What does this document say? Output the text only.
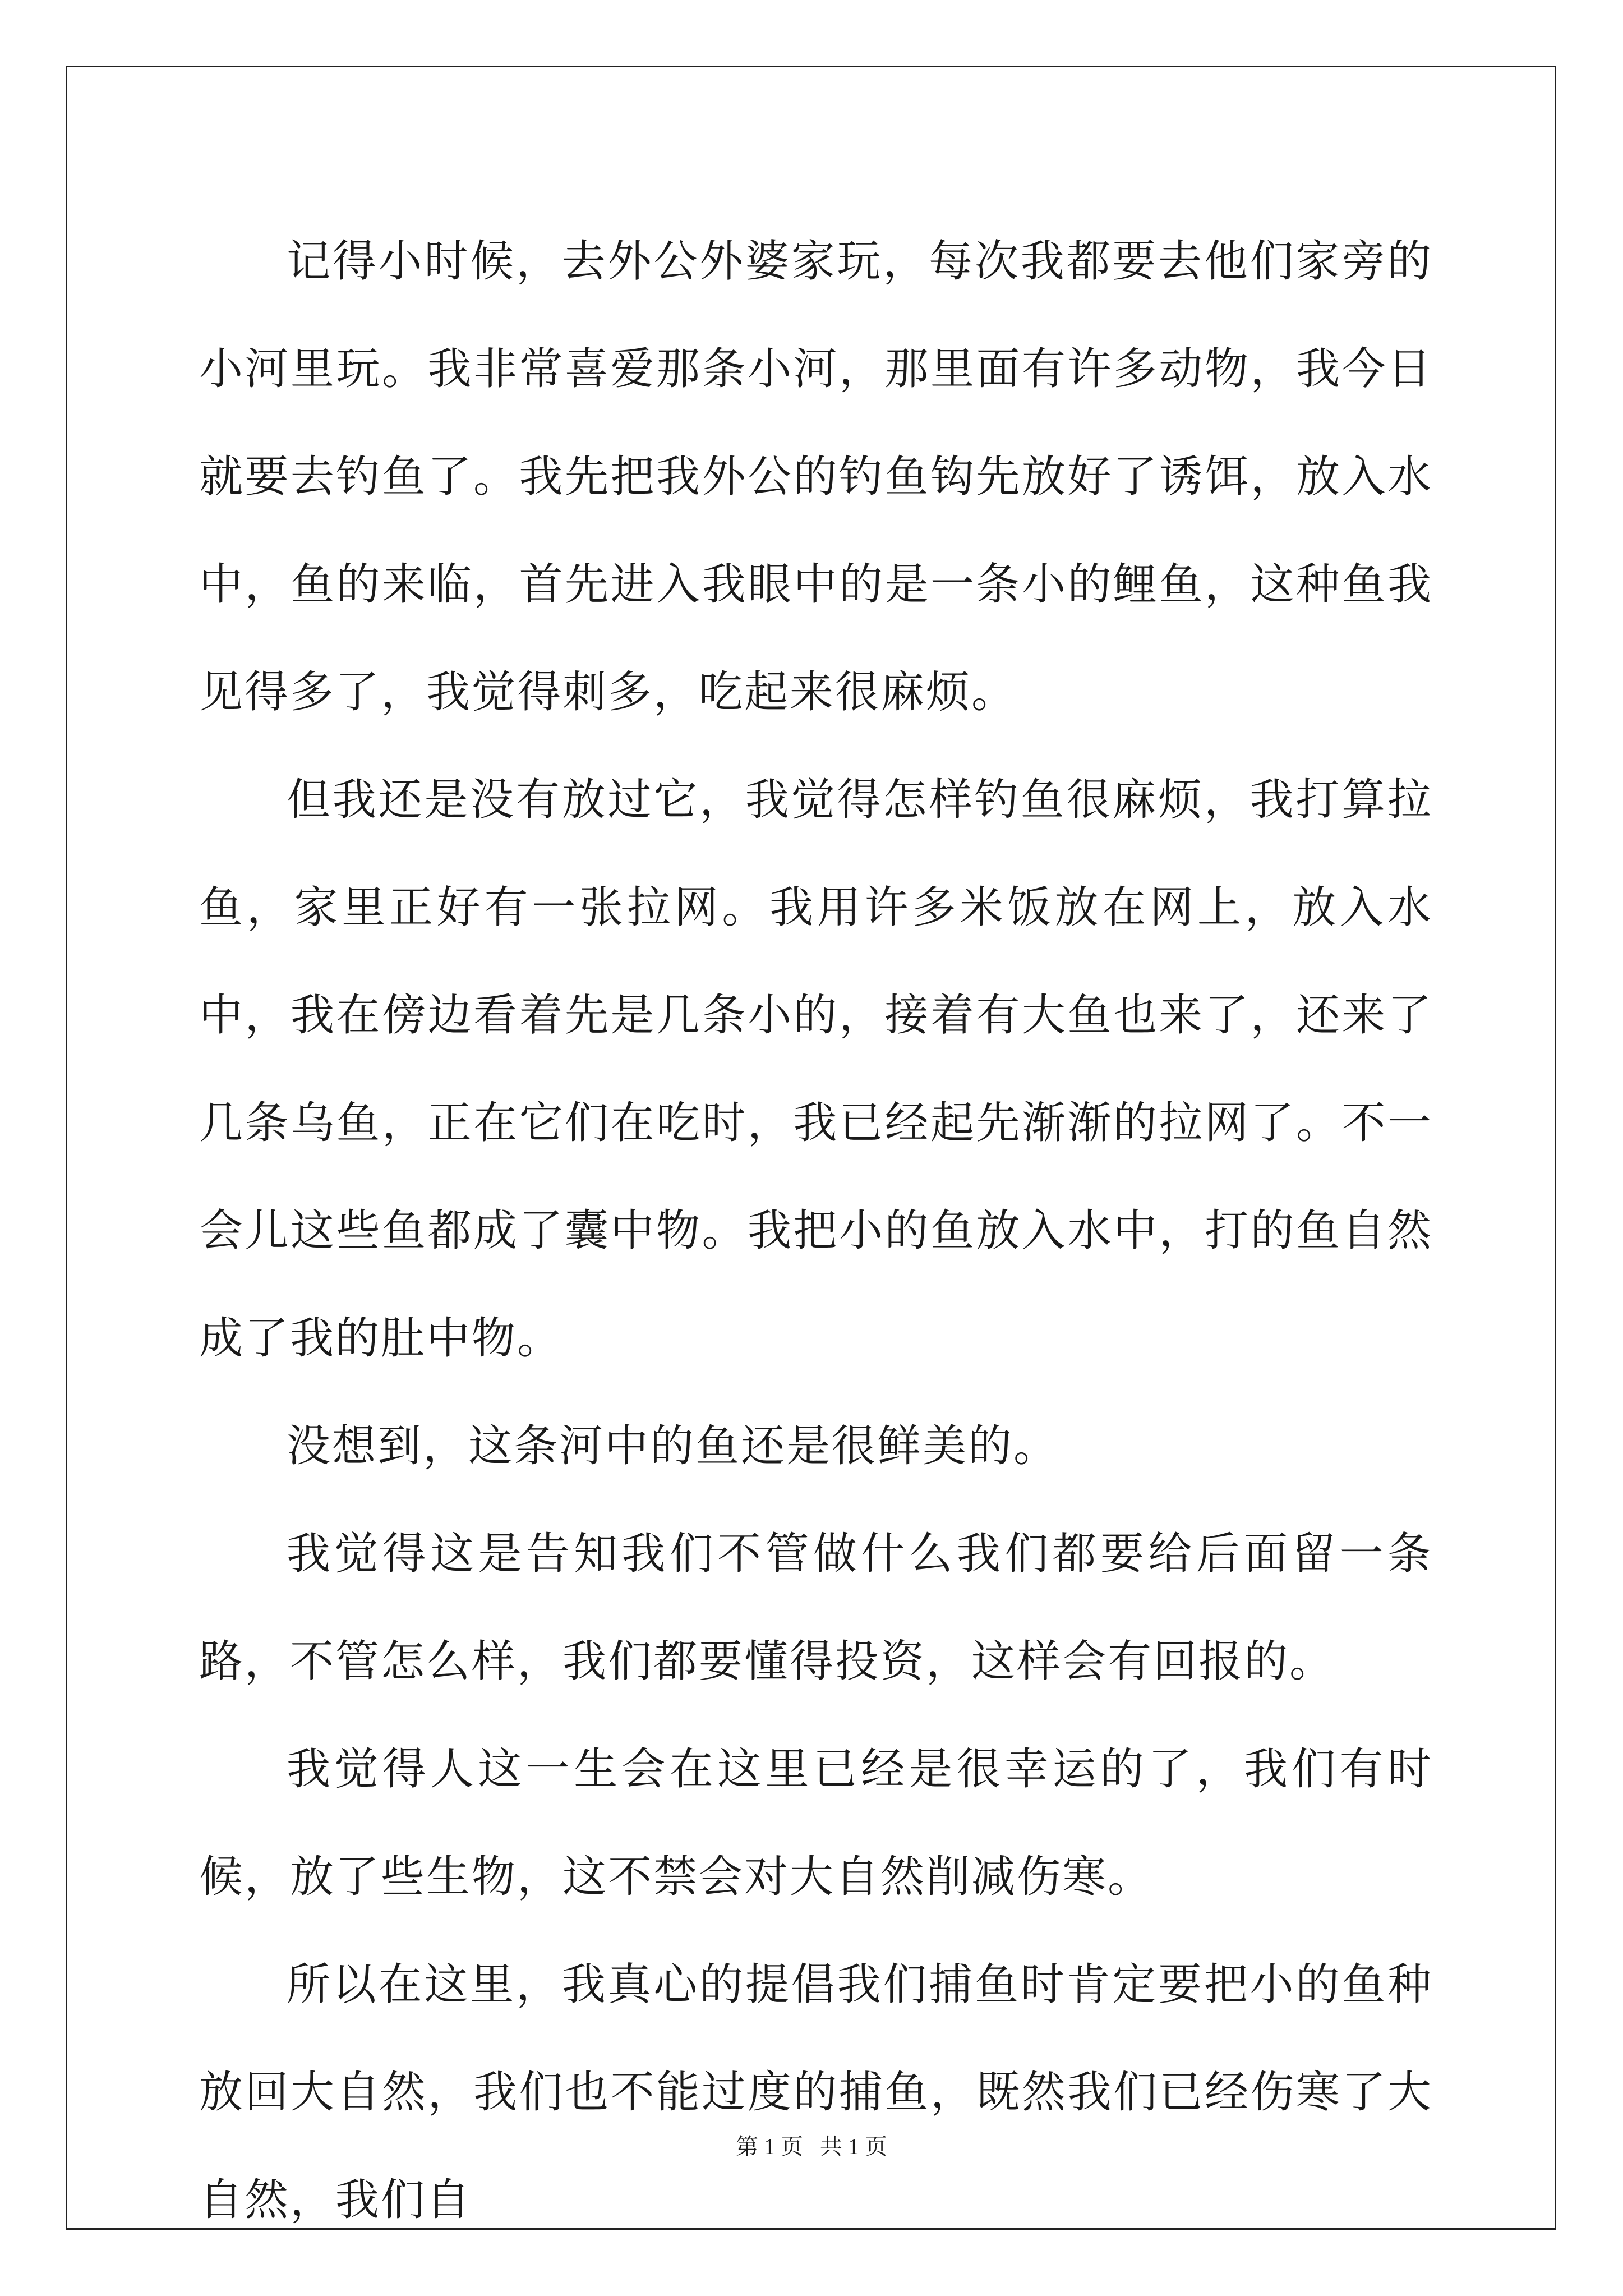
记得小时候，去外公外婆家玩，每次我都要去他们家旁的小河里玩。我非常喜爱那条小河，那里面有许多动物，我今日就要去钓鱼了。我先把我外公的钓鱼钩先放好了诱饵，放入水中，鱼的来临，首先进入我眼中的是一条小的鲤鱼，这种鱼我见得多了，我觉得刺多，吃起来很麻烦。

但我还是没有放过它，我觉得怎样钓鱼很麻烦，我打算拉鱼，家里正好有一张拉网。我用许多米饭放在网上，放入水中，我在傍边看着先是几条小的，接着有大鱼也来了，还来了几条乌鱼，正在它们在吃时，我已经起先渐渐的拉网了。不一会儿这些鱼都成了囊中物。我把小的鱼放入水中，打的鱼自然成了我的肚中物。

没想到，这条河中的鱼还是很鲜美的。

我觉得这是告知我们不管做什么我们都要给后面留一条路，不管怎么样，我们都要懂得投资，这样会有回报的。

我觉得人这一生会在这里已经是很幸运的了，我们有时候，放了些生物，这不禁会对大自然削减伤寒。

所以在这里，我真心的提倡我们捕鱼时肯定要把小的鱼种放回大自然，我们也不能过度的捕鱼，既然我们已经伤寒了大自然，我们自

第 1 页   共 1 页
